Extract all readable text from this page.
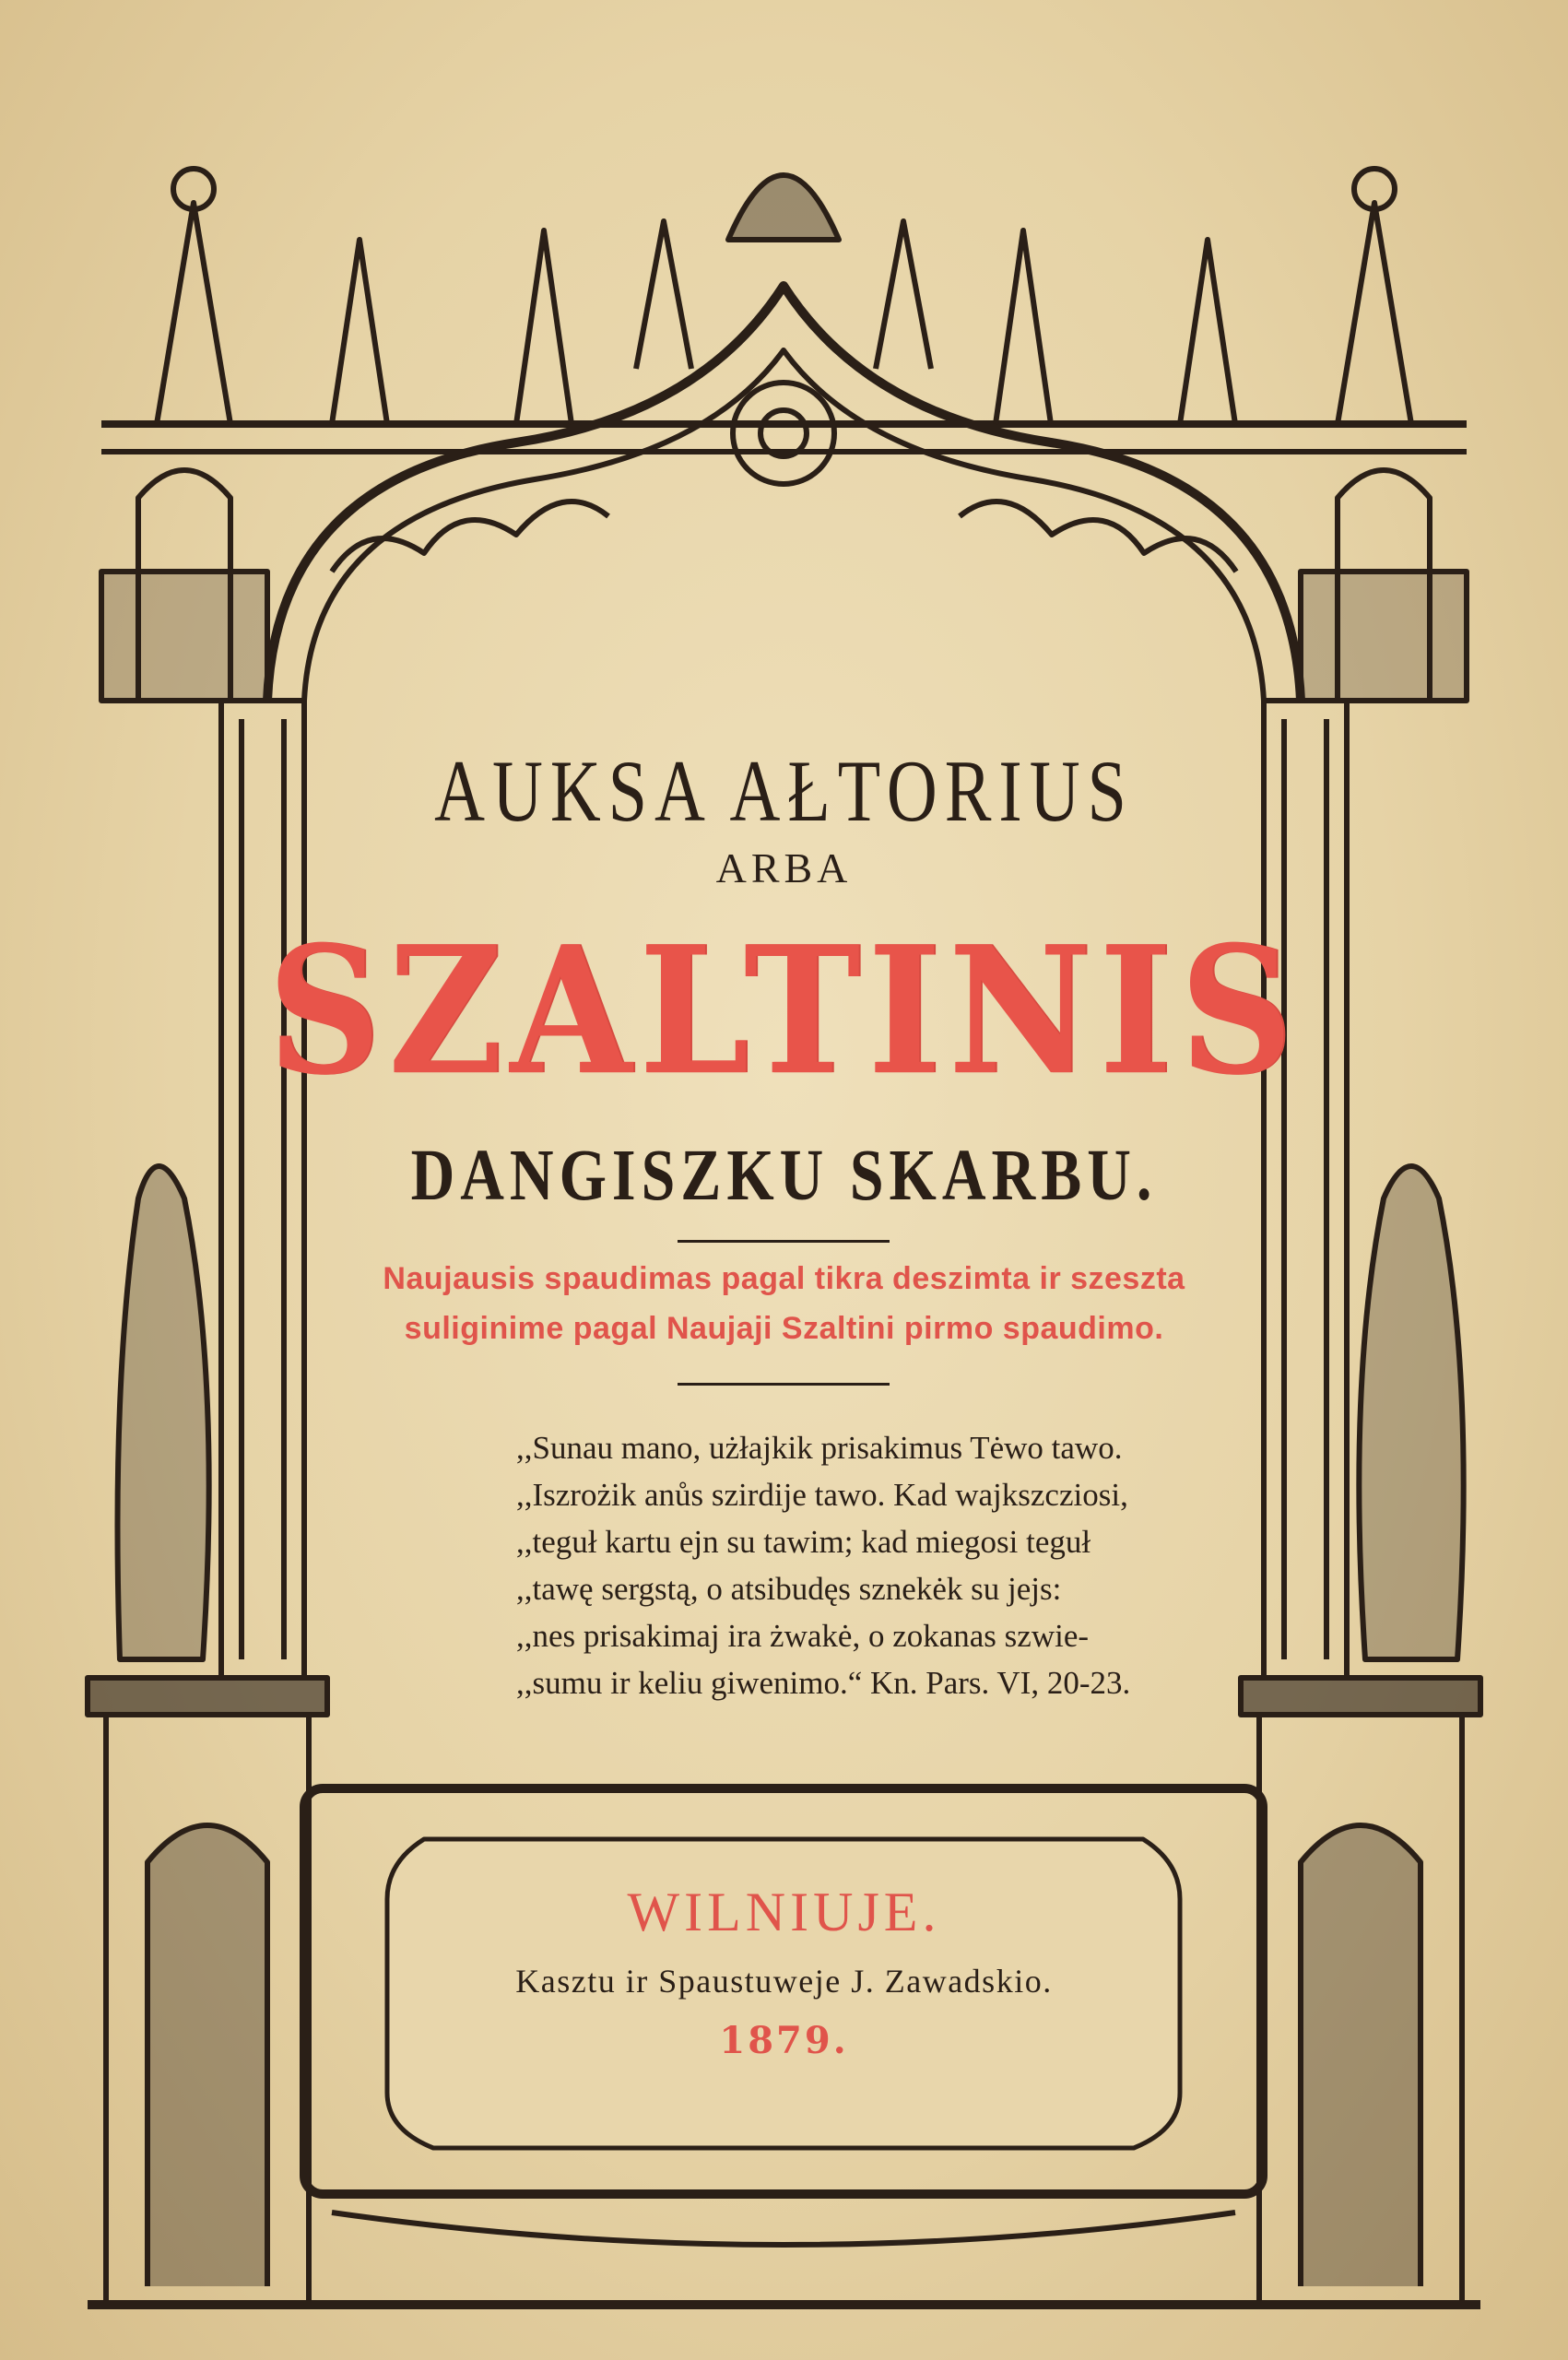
AUKSA AŁTORIUS

ARBA

SZALTINIS

DANGISZKU SKARBU.

Naujausis spaudimas pagal tikra deszimta ir szeszta

suliginime pagal Naujaji Szaltini pirmo spaudimo.

,,Sunau mano, użłajkik prisakimus Tėwo tawo.
,,Iszrożik anůs szirdije tawo. Kad wajkszcziosi,
,,teguł kartu ejn su tawim; kad miegosi teguł
,,tawę sergstą, o atsibudęs sznekėk su jejs:
,,nes prisakimaj ira żwakė, o zokanas szwie-
,,sumu ir keliu giwenimo.“ Kn. Pars. VI, 20-23.

WILNIUJE.

Kasztu ir Spaustuweje J. Zawadskio.

1879.
